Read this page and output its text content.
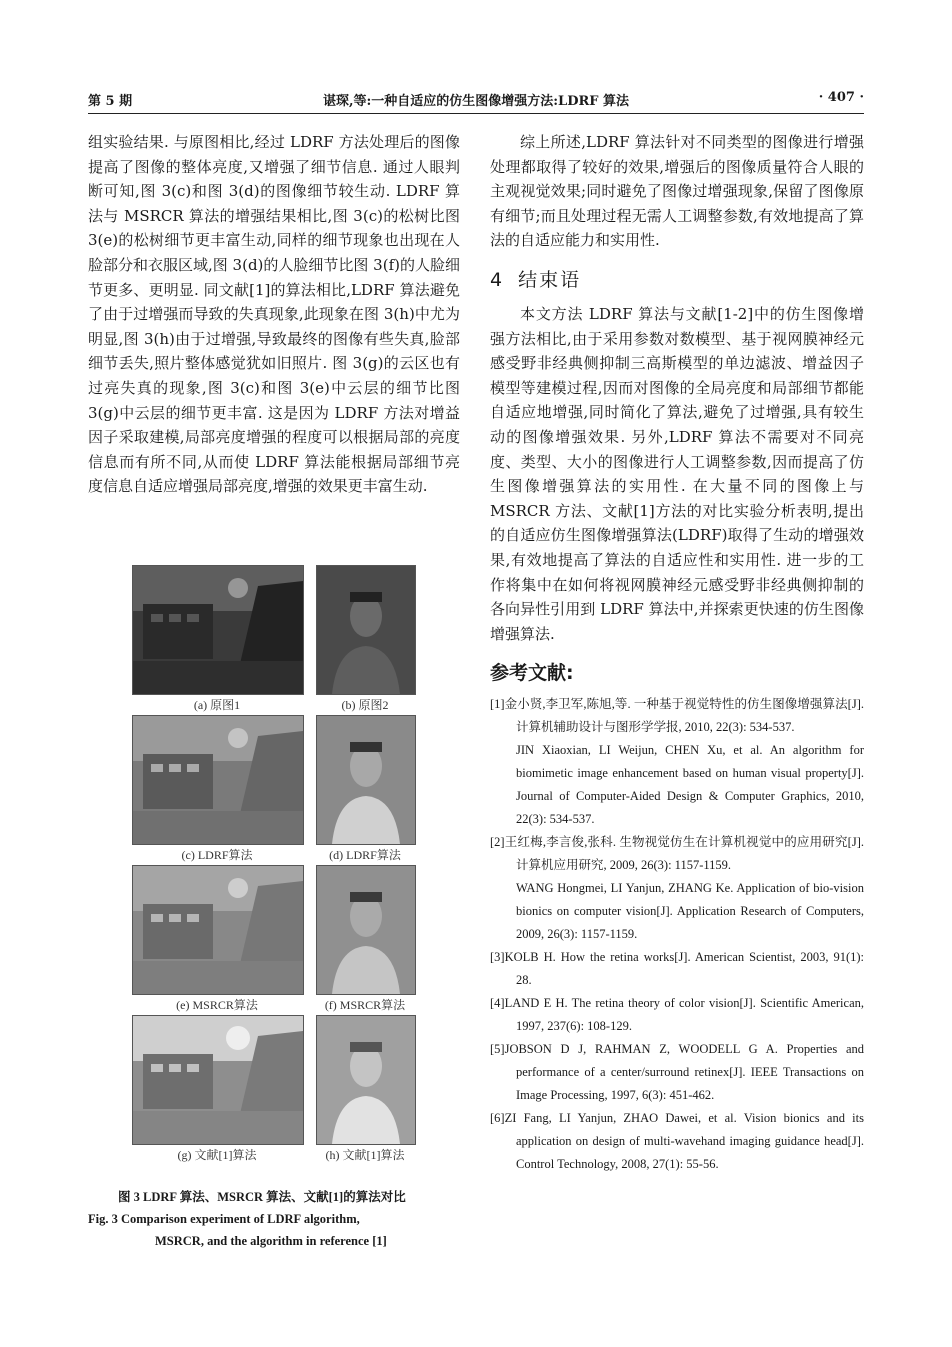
第 5 期	谌琛,等:一种自适应的仿生图像增强方法:LDRF 算法	· 407 ·

组实验结果. 与原图相比,经过 LDRF 方法处理后的图像提高了图像的整体亮度,又增强了细节信息. 通过人眼判断可知,图 3(c)和图 3(d)的图像细节较生动. LDRF 算法与 MSRCR 算法的增强结果相比,图 3(c)的松树比图 3(e)的松树细节更丰富生动,同样的细节现象也出现在人脸部分和衣服区域,图 3(d)的人脸细节比图 3(f)的人脸细节更多、更明显. 同文献[1]的算法相比,LDRF 算法避免了由于过增强而导致的失真现象,此现象在图 3(h)中尤为明显,图 3(h)由于过增强,导致最终的图像有些失真,脸部细节丢失,照片整体感觉犹如旧照片. 图 3(g)的云区也有过亮失真的现象,图 3(c)和图 3(e)中云层的细节比图 3(g)中云层的细节更丰富. 这是因为 LDRF 方法对增益因子采取建模,局部亮度增强的程度可以根据局部的亮度信息而有所不同,从而使 LDRF 算法能根据局部细节亮度信息自适应增强局部亮度,增强的效果更丰富生动.

(a) 原图1	(b) 原图2
(c) LDRF算法	(d) LDRF算法
(e) MSRCR算法	(f) MSRCR算法
(g) 文献[1]算法	(h) 文献[1]算法
图 3 LDRF 算法、MSRCR 算法、文献[1]的算法对比
Fig. 3 Comparison experiment of LDRF algorithm,
MSRCR, and the algorithm in reference [1]

综上所述,LDRF 算法针对不同类型的图像进行增强处理都取得了较好的效果,增强后的图像质量符合人眼的主观视觉效果;同时避免了图像过增强现象,保留了图像原有细节;而且处理过程无需人工调整参数,有效地提高了算法的自适应能力和实用性.

4 结束语

本文方法 LDRF 算法与文献[1-2]中的仿生图像增强方法相比,由于采用参数对数模型、基于视网膜神经元感受野非经典侧抑制三高斯模型的单边滤波、增益因子模型等建模过程,因而对图像的全局亮度和局部细节都能自适应地增强,同时简化了算法,避免了过增强,具有较生动的图像增强效果. 另外,LDRF 算法不需要对不同亮度、类型、大小的图像进行人工调整参数,因而提高了仿生图像增强算法的实用性. 在大量不同的图像上与 MSRCR 方法、文献[1]方法的对比实验分析表明,提出的自适应仿生图像增强算法(LDRF)取得了生动的增强效果,有效地提高了算法的自适应性和实用性. 进一步的工作将集中在如何将视网膜神经元感受野非经典侧抑制的各向异性引用到 LDRF 算法中,并探索更快速的仿生图像增强算法.

参考文献:

[1]金小贤,李卫军,陈旭,等. 一种基于视觉特性的仿生图像增强算法[J]. 计算机辅助设计与图形学学报, 2010, 22(3): 534-537.

JIN Xiaoxian, LI Weijun, CHEN Xu, et al. An algorithm for biomimetic image enhancement based on human visual property[J]. Journal of Computer-Aided Design & Computer Graphics, 2010, 22(3): 534-537.

[2]王红梅,李言俊,张科. 生物视觉仿生在计算机视觉中的应用研究[J]. 计算机应用研究, 2009, 26(3): 1157-1159.

WANG Hongmei, LI Yanjun, ZHANG Ke. Application of bio-vision bionics on computer vision[J]. Application Research of Computers, 2009, 26(3): 1157-1159.

[3]KOLB H. How the retina works[J]. American Scientist, 2003, 91(1): 28.

[4]LAND E H. The retina theory of color vision[J]. Scientific American, 1997, 237(6): 108-129.

[5]JOBSON D J, RAHMAN Z, WOODELL G A. Properties and performance of a center/surround retinex[J]. IEEE Transactions on Image Processing, 1997, 6(3): 451-462.

[6]ZI Fang, LI Yanjun, ZHAO Dawei, et al. Vision bionics and its application on design of multi-wavehand imaging guidance head[J]. Control Technology, 2008, 27(1): 55-56.
